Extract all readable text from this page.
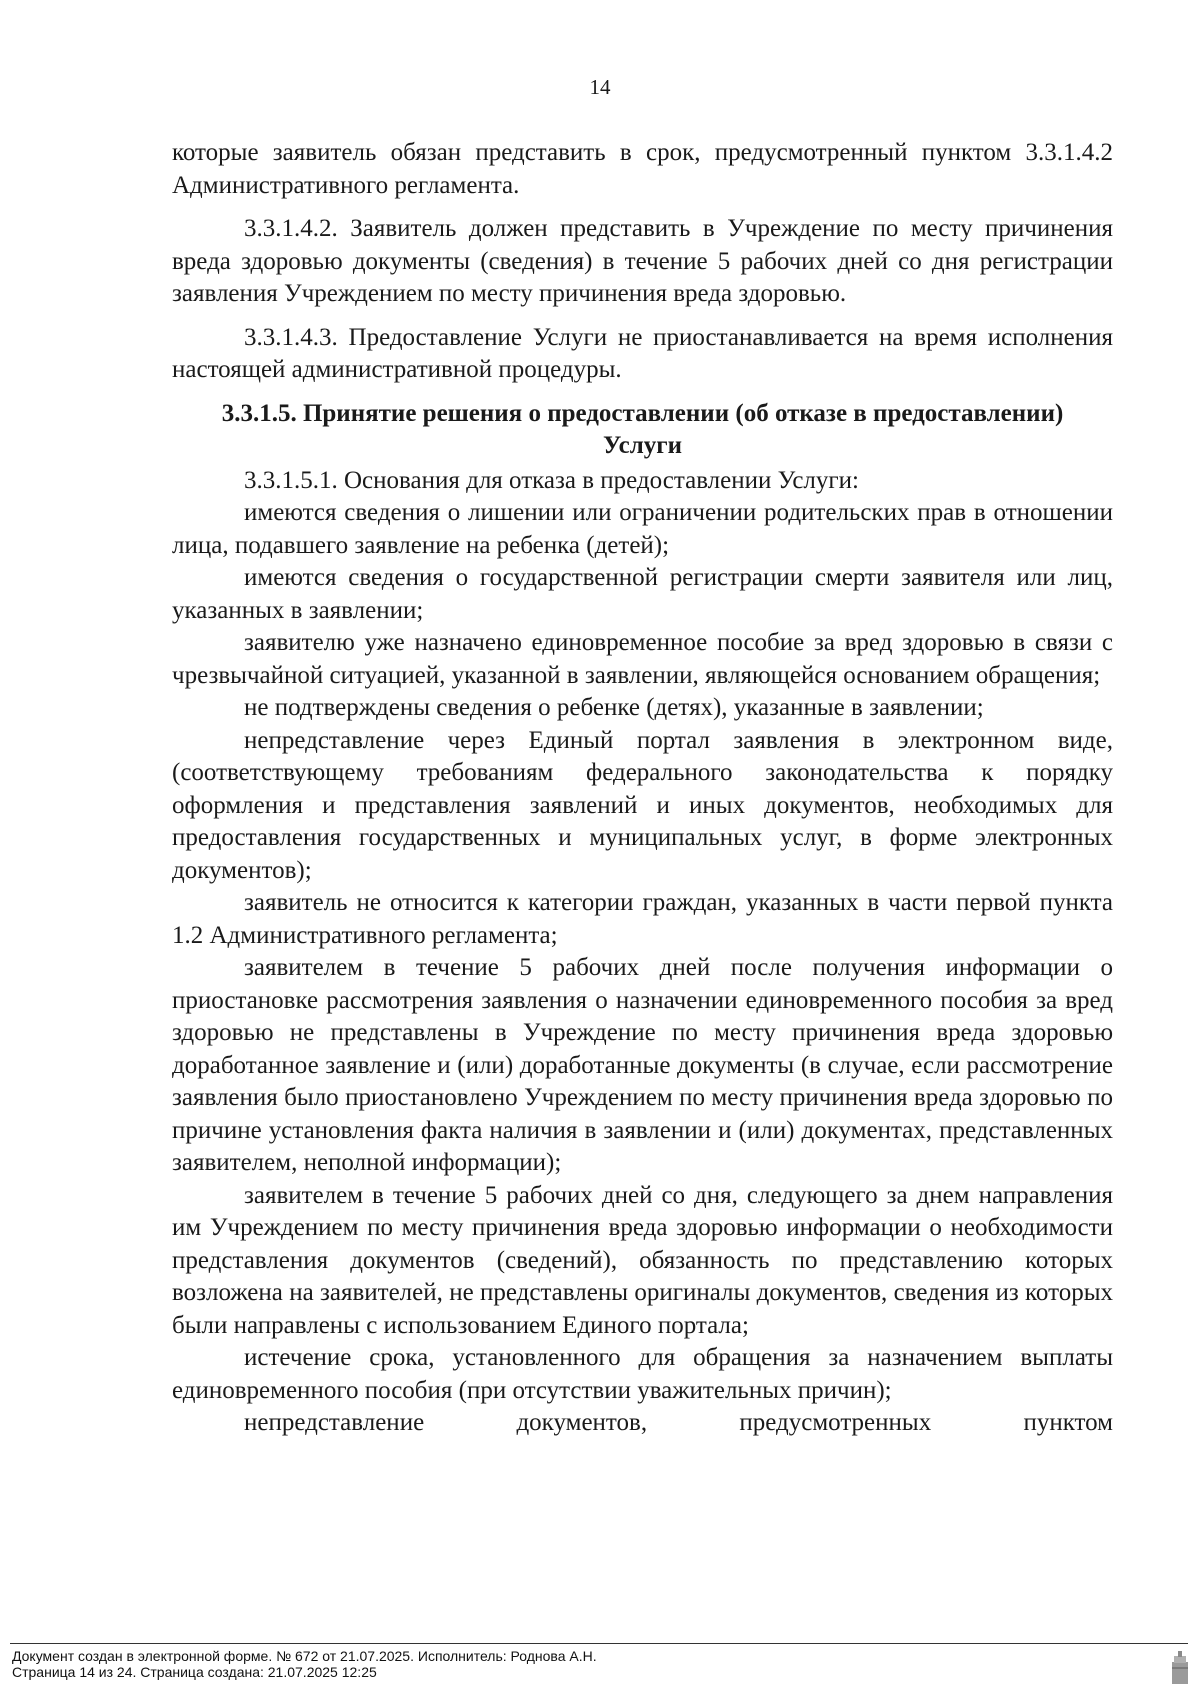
14

которые заявитель обязан представить в срок, предусмотренный пунктом 3.3.1.4.2 Административного регламента.

3.3.1.4.2. Заявитель должен представить в Учреждение по месту причинения вреда здоровью документы (сведения) в течение 5 рабочих дней со дня регистрации заявления Учреждением по месту причинения вреда здоровью.

3.3.1.4.3. Предоставление Услуги не приостанавливается на время исполнения настоящей административной процедуры.

3.3.1.5. Принятие решения о предоставлении (об отказе в предоставлении) Услуги

3.3.1.5.1. Основания для отказа в предоставлении Услуги:

имеются сведения о лишении или ограничении родительских прав в отношении лица, подавшего заявление на ребенка (детей);

имеются сведения о государственной регистрации смерти заявителя или лиц, указанных в заявлении;

заявителю уже назначено единовременное пособие за вред здоровью в связи с чрезвычайной ситуацией, указанной в заявлении, являющейся основанием обращения;

не подтверждены сведения о ребенке (детях), указанные в заявлении;

непредставление через Единый портал заявления в электронном виде, (соответствующему требованиям федерального законодательства к порядку оформления и представления заявлений и иных документов, необходимых для предоставления государственных и муниципальных услуг, в форме электронных документов);

заявитель не относится к категории граждан, указанных в части первой пункта 1.2 Административного регламента;

заявителем в течение 5 рабочих дней после получения информации о приостановке рассмотрения заявления о назначении единовременного пособия за вред здоровью не представлены в Учреждение по месту причинения вреда здоровью доработанное заявление и (или) доработанные документы (в случае, если рассмотрение заявления было приостановлено Учреждением по месту причинения вреда здоровью по причине установления факта наличия в заявлении и (или) документах, представленных заявителем, неполной информации);

заявителем в течение 5 рабочих дней со дня, следующего за днем направления им Учреждением по месту причинения вреда здоровью информации о необходимости представления документов (сведений), обязанность по представлению которых возложена на заявителей, не представлены оригиналы документов, сведения из которых были направлены с использованием Единого портала;

истечение срока, установленного для обращения за назначением выплаты единовременного пособия (при отсутствии уважительных причин);

непредставление документов, предусмотренных пунктом

Документ создан в электронной форме. № 672 от 21.07.2025. Исполнитель: Роднова А.Н.
Страница 14 из 24. Страница создана: 21.07.2025 12:25
